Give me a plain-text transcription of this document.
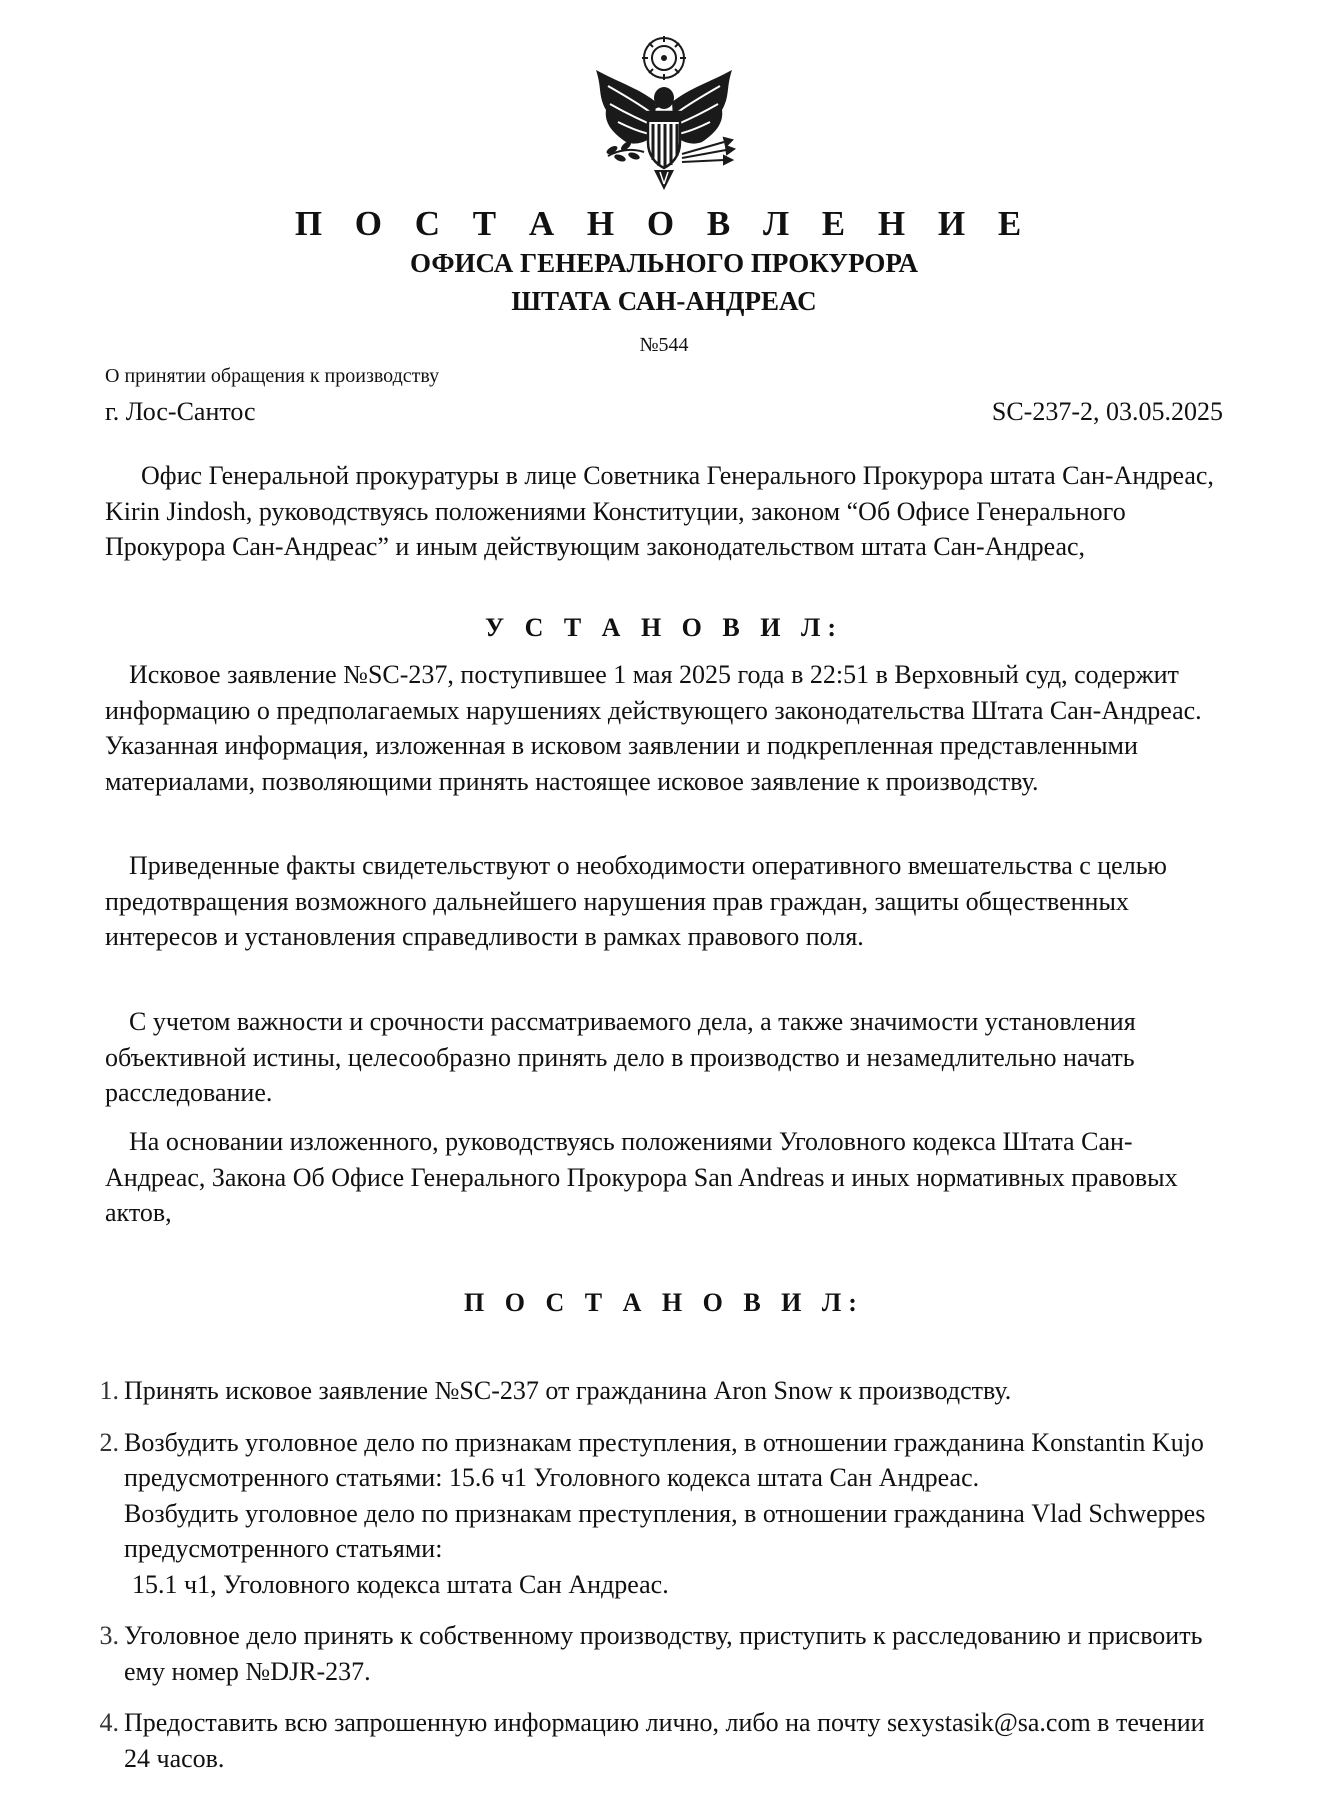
П О С Т А Н О В Л Е Н И Е
ОФИСА ГЕНЕРАЛЬНОГО ПРОКУРОРА
ШТАТА САН-АНДРЕАС
№544
О принятии обращения к производству
г. Лос-Сантос	SC-237-2, 03.05.2025

Офис Генеральной прокуратуры в лице Советника Генерального Прокурора штата Сан-Андреас, Kirin Jindosh, руководствуясь положениями Конституции, законом “Об Офисе Генерального Прокурора Сан-Андреас” и иным действующим законодательством штата Сан-Андреас,

У С Т А Н О В И Л:

Исковое заявление №SC-237, поступившее 1 мая 2025 года в 22:51 в Верховный суд, содержит информацию о предполагаемых нарушениях действующего законодательства Штата Сан-Андреас. Указанная информация, изложенная в исковом заявлении и подкрепленная представленными материалами, позволяющими принять настоящее исковое заявление к производству.

Приведенные факты свидетельствуют о необходимости оперативного вмешательства с целью предотвращения возможного дальнейшего нарушения прав граждан, защиты общественных интересов и установления справедливости в рамках правового поля.

С учетом важности и срочности рассматриваемого дела, а также значимости установления объективной истины, целесообразно принять дело в производство и незамедлительно начать расследование.

На основании изложенного, руководствуясь положениями Уголовного кодекса Штата Сан-Андреас, Закона Об Офисе Генерального Прокурора San Andreas и иных нормативных правовых актов,

П О С Т А Н О В И Л:
1. Принять исковое заявление №SC-237 от гражданина Aron Snow к производству.
2. Возбудить уголовное дело по признакам преступления, в отношении гражданина Konstantin Kujo предусмотренного статьями: 15.6 ч1 Уголовного кодекса штата Сан Андреас.
Возбудить уголовное дело по признакам преступления, в отношении гражданина Vlad Schweppes предусмотренного статьями:
15.1 ч1, Уголовного кодекса штата Сан Андреас.
3. Уголовное дело принять к собственному производству, приступить к расследованию и присвоить ему номер №DJR-237.
4. Предоставить всю запрошенную информацию лично, либо на почту sexystasik@sa.com в течении 24 часов.
